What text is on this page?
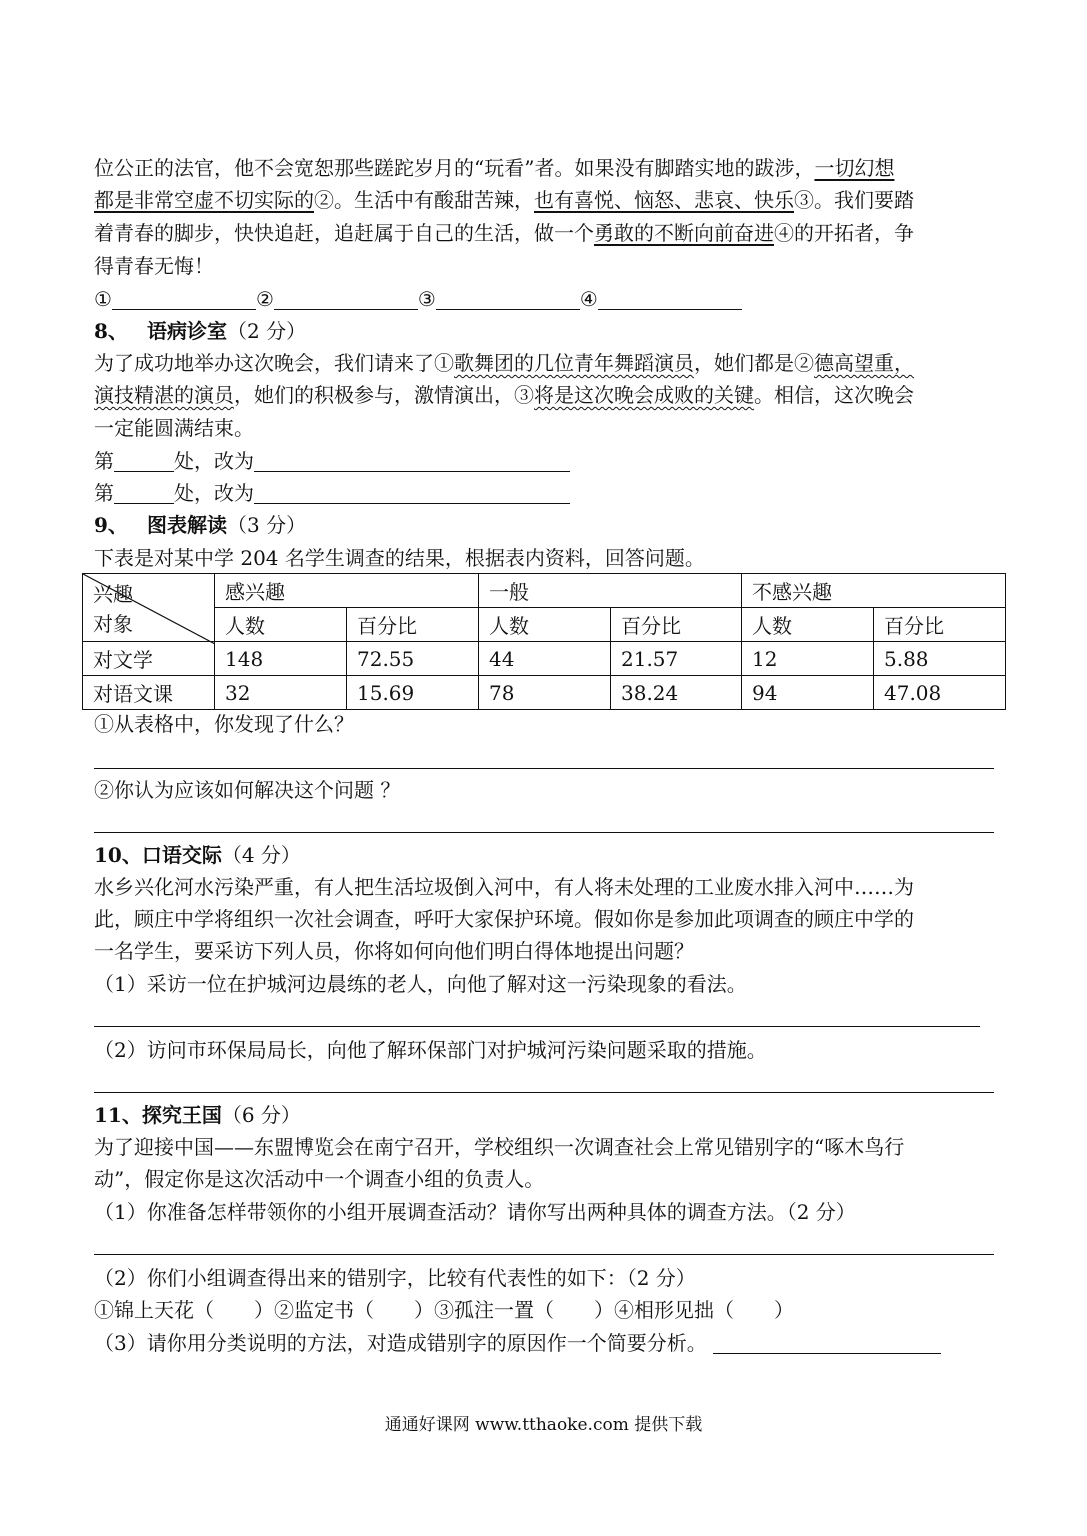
位公正的法官，他不会宽恕那些蹉跎岁月的“玩看”者。如果没有脚踏实地的跋涉，一切幻想
都是非常空虚不切实际的②。生活中有酸甜苦辣，也有喜悦、恼怒、悲哀、快乐③。我们要踏
着青春的脚步，快快追赶，追赶属于自己的生活，做一个勇敢的不断向前奋进④的开拓者，争
得青春无悔！
①	②	③	④
8、 语病诊室（2 分）
为了成功地举办这次晚会，我们请来了①歌舞团的几位青年舞蹈演员，她们都是②德高望重，
演技精湛的演员，她们的积极参与，激情演出，③将是这次晚会成败的关键。相信，这次晚会
一定能圆满结束。
第	处，改为
第	处，改为
9、 图表解读（3 分）
下表是对某中学 204 名学生调查的结果，根据表内资料，回答问题。
兴趣
对象	感兴趣		一般		不感兴趣	
	人数	百分比	人数	百分比	人数	百分比
对文学	148	72.55	44	21.57	12	5.88
对语文课	32	15.69	78	38.24	94	47.08
①从表格中，你发现了什么？
②你认为应该如何解决这个问题 ？
10、口语交际（4 分）
水乡兴化河水污染严重，有人把生活垃圾倒入河中，有人将未处理的工业废水排入河中……为
此，顾庄中学将组织一次社会调查，呼吁大家保护环境。假如你是参加此项调查的顾庄中学的
一名学生，要采访下列人员，你将如何向他们明白得体地提出问题？
（1）采访一位在护城河边晨练的老人，向他了解对这一污染现象的看法。
（2）访问市环保局局长，向他了解环保部门对护城河污染问题采取的措施。
11、探究王国（6 分）
为了迎接中国——东盟博览会在南宁召开，学校组织一次调查社会上常见错别字的“啄木鸟行
动”，假定你是这次活动中一个调查小组的负责人。
（1）你准备怎样带领你的小组开展调查活动？请你写出两种具体的调查方法。（2 分）
（2）你们小组调查得出来的错别字，比较有代表性的如下：（2 分）
①锦上天花（　　）②监定书（　　）③孤注一置（　　）④相形见拙（　　）
（3）请你用分类说明的方法，对造成错别字的原因作一个简要分析。
通通好课网 www.tthaoke.com 提供下载
